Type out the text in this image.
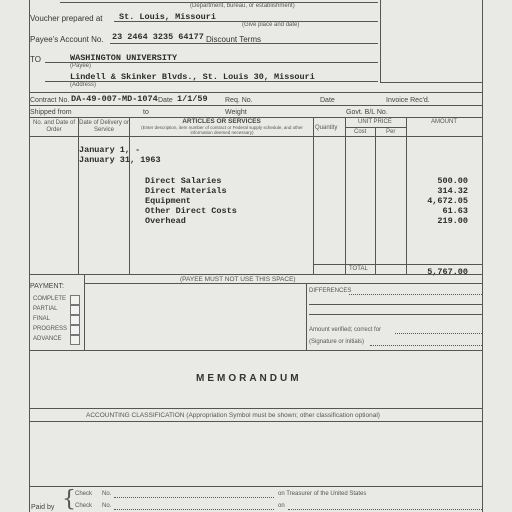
(Department, bureau, or establishment)
Voucher prepared at St. Louis, Missouri
(Give place and date)
Payee's Account No. 23 2464 3235 64177 Discount Terms
TO	WASHINGTON UNIVERSITY
(Payee)
Lindell & Skinker Blvds., St. Louis 30, Missouri
(Address)
Contract No. DA-49-007-MD-1074 Date 1/1/59 Req. No.	Date	Invoice Rec'd.
Shipped from	to	Weight	Govt. B/L No.
No. and Date of Order
Date of Delivery or Service
ARTICLES OR SERVICES
(Enter description, item number of contract or Federal supply schedule, and other information deemed necessary)
Quantity
UNIT PRICE
Cost	Per
AMOUNT
January 1, -
January 31, 1963
Direct Salaries	500.00
Direct Materials	314.32
Equipment	4,672.05
Other Direct Costs	61.63
Overhead	219.00
TOTAL	5,767.00
PAYMENT:
(PAYEE MUST NOT USE THIS SPACE)
COMPLETE
PARTIAL
FINAL
PROGRESS
ADVANCE
DIFFERENCES
Amount verified; correct for
(Signature or initials)
MEMORANDUM
ACCOUNTING CLASSIFICATION (Appropriation Symbol must be shown; other classification optional)
Paid by { Check No.	on Treasurer of the United States
Check No.	on
